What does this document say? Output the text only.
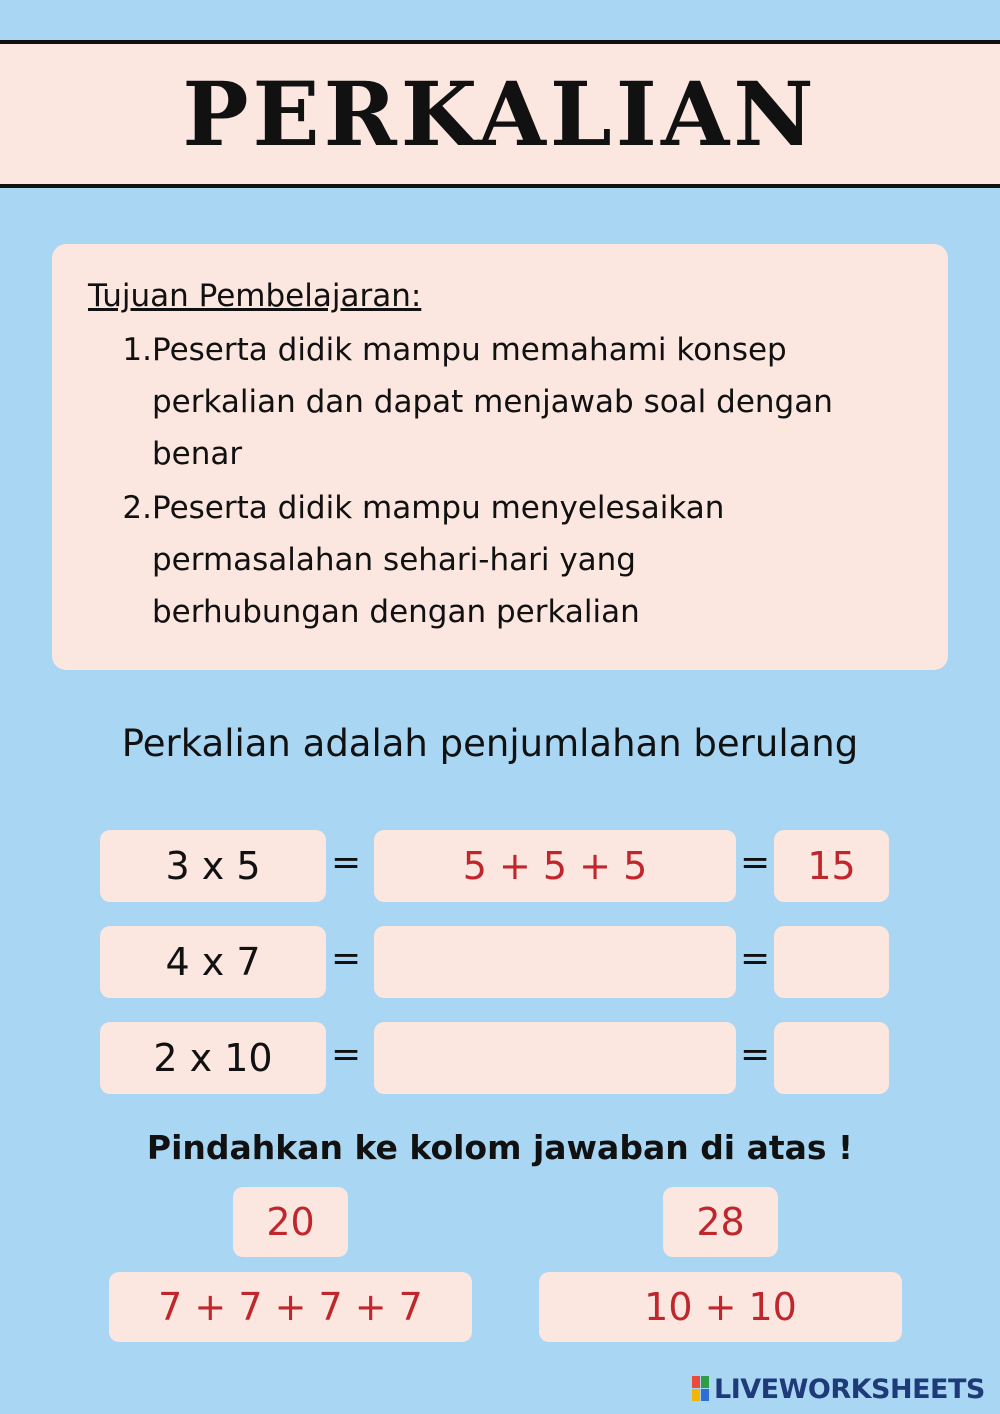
PERKALIAN
Tujuan Pembelajaran:
1. Peserta didik mampu memahami konsep
perkalian dan dapat menjawab soal dengan
benar
2. Peserta didik mampu menyelesaikan
permasalahan sehari-hari yang
berhubungan dengan perkalian
Perkalian adalah penjumlahan berulang
3 x 5	=	5 + 5 + 5	= 15
4 x 7	=	=
2 x 10	=	=
Pindahkan ke kolom jawaban di atas !
20	28
7 + 7 + 7 + 7	10 + 10
LIVEWORKSHEETS
